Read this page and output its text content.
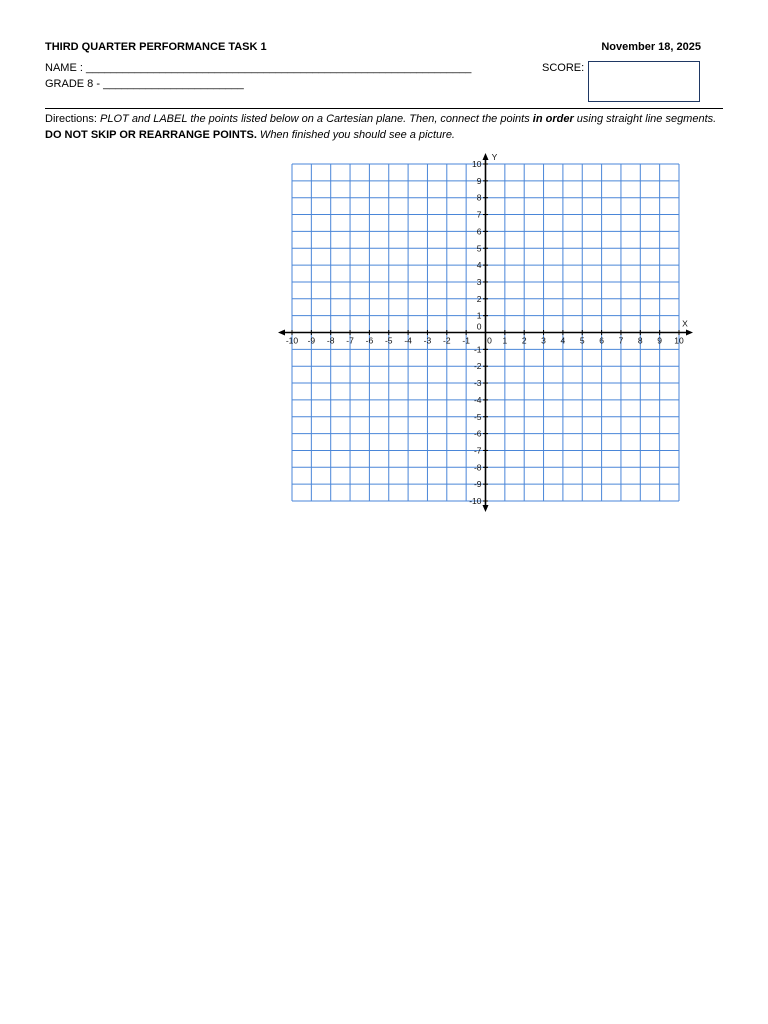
THIRD QUARTER PERFORMANCE TASK 1	November 18, 2025
NAME : _______________________________________________________________
GRADE 8 - _______________________
SCORE:
Directions: PLOT and LABEL the points listed below on a Cartesian plane. Then, connect the points in order using straight line segments. DO NOT SKIP OR REARRANGE POINTS. When finished you should see a picture.
-10 -9 -8 -7 -6 -5 -4 -3 -2 -1 0 1 2 3 4 5 6 7 8 9 10
10
9
8
7
6
5
4
3
2
1
0
-1
-2
-3
-4
-5
-6
-7
-8
-9
-10
X
Y
